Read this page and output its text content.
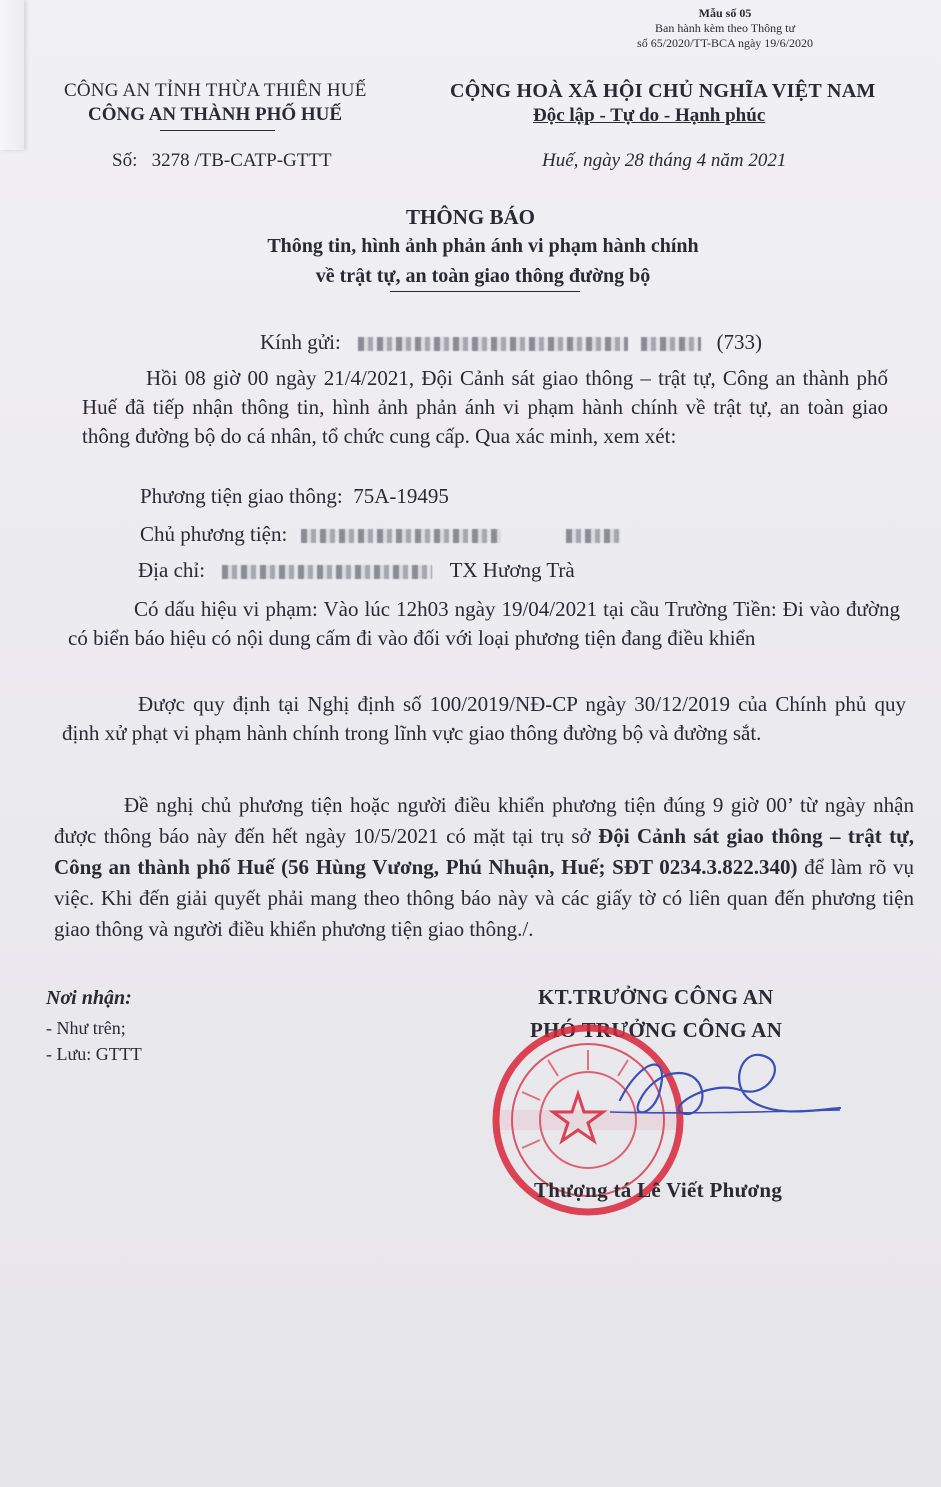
Mẫu số 05
Ban hành kèm theo Thông tư
số 65/2020/TT-BCA ngày 19/6/2020
CÔNG AN TỈNH THỪA THIÊN HUẾ
CÔNG AN THÀNH PHỐ HUẾ
Số: 3278 /TB-CATP-GTTT
CỘNG HOÀ XÃ HỘI CHỦ NGHĨA VIỆT NAM
Độc lập - Tự do - Hạnh phúc
Huế, ngày 28 tháng 4 năm 2021
THÔNG BÁO
Thông tin, hình ảnh phản ánh vi phạm hành chính
về trật tự, an toàn giao thông đường bộ
Kính gửi:	(733)
Hồi 08 giờ 00 ngày 21/4/2021, Đội Cảnh sát giao thông – trật tự, Công an thành phố Huế đã tiếp nhận thông tin, hình ảnh phản ánh vi phạm hành chính về trật tự, an toàn giao thông đường bộ do cá nhân, tổ chức cung cấp. Qua xác minh, xem xét:
Phương tiện giao thông: 75A-19495
Chủ phương tiện:
Địa chỉ:	TX Hương Trà
Có dấu hiệu vi phạm: Vào lúc 12h03 ngày 19/04/2021 tại cầu Trường Tiền: Đi vào đường có biển báo hiệu có nội dung cấm đi vào đối với loại phương tiện đang điều khiển
Được quy định tại Nghị định số 100/2019/NĐ-CP ngày 30/12/2019 của Chính phủ quy định xử phạt vi phạm hành chính trong lĩnh vực giao thông đường bộ và đường sắt.
Đề nghị chủ phương tiện hoặc người điều khiển phương tiện đúng 9 giờ 00’ từ ngày nhận được thông báo này đến hết ngày 10/5/2021 có mặt tại trụ sở Đội Cảnh sát giao thông – trật tự, Công an thành phố Huế (56 Hùng Vương, Phú Nhuận, Huế; SĐT 0234.3.822.340) để làm rõ vụ việc. Khi đến giải quyết phải mang theo thông báo này và các giấy tờ có liên quan đến phương tiện giao thông và người điều khiển phương tiện giao thông./.
Nơi nhận:
- Như trên;
- Lưu: GTTT
KT.TRƯỞNG CÔNG AN
PHÓ TRƯỞNG CÔNG AN
Thượng tá Lê Viết Phương
